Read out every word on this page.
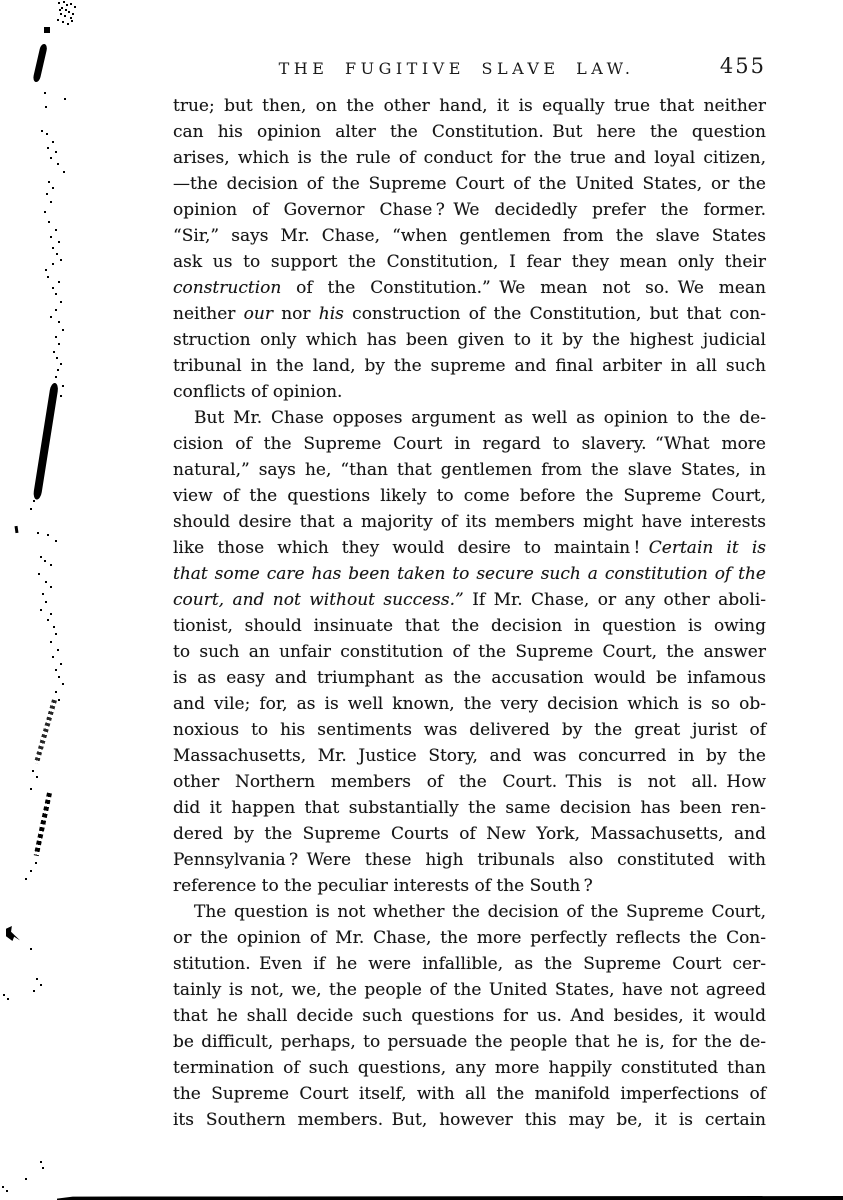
THE FUGITIVE SLAVE LAW.	455
true; but then, on the other hand, it is equally true that neither
can his opinion alter the Constitution. But here the question
arises, which is the rule of conduct for the true and loyal citizen,
—the decision of the Supreme Court of the United States, or the
opinion of Governor Chase ? We decidedly prefer the former.
“Sir,” says Mr. Chase, “when gentlemen from the slave States
ask us to support the Constitution, I fear they mean only their
construction of the Constitution.” We mean not so. We mean
neither our nor his construction of the Constitution, but that con-
struction only which has been given to it by the highest judicial
tribunal in the land, by the supreme and final arbiter in all such
conflicts of opinion.
But Mr. Chase opposes argument as well as opinion to the de-
cision of the Supreme Court in regard to slavery. “What more
natural,” says he, “than that gentlemen from the slave States, in
view of the questions likely to come before the Supreme Court,
should desire that a majority of its members might have interests
like those which they would desire to maintain ! Certain it is
that some care has been taken to secure such a constitution of the
court, and not without success.” If Mr. Chase, or any other aboli-
tionist, should insinuate that the decision in question is owing
to such an unfair constitution of the Supreme Court, the answer
is as easy and triumphant as the accusation would be infamous
and vile; for, as is well known, the very decision which is so ob-
noxious to his sentiments was delivered by the great jurist of
Massachusetts, Mr. Justice Story, and was concurred in by the
other Northern members of the Court. This is not all. How
did it happen that substantially the same decision has been ren-
dered by the Supreme Courts of New York, Massachusetts, and
Pennsylvania ? Were these high tribunals also constituted with
reference to the peculiar interests of the South ?
The question is not whether the decision of the Supreme Court,
or the opinion of Mr. Chase, the more perfectly reflects the Con-
stitution. Even if he were infallible, as the Supreme Court cer-
tainly is not, we, the people of the United States, have not agreed
that he shall decide such questions for us. And besides, it would
be difficult, perhaps, to persuade the people that he is, for the de-
termination of such questions, any more happily constituted than
the Supreme Court itself, with all the manifold imperfections of
its Southern members. But, however this may be, it is certain
